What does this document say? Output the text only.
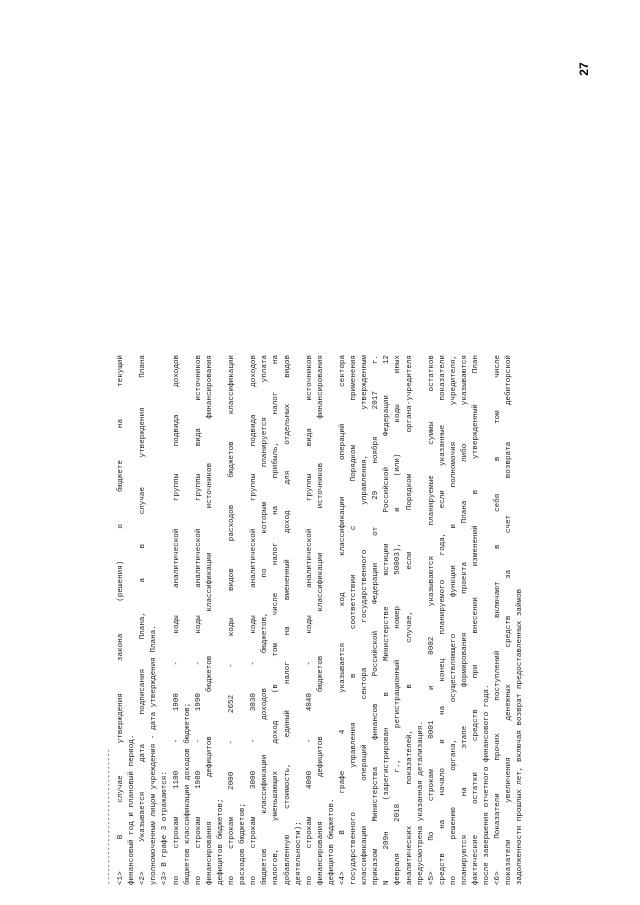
27
-------------------------------- <1> В случае утверждения закона (решения) о бюджете на текущий финансовый год и плановый период. <2> Указывается дата подписания Плана, а в случае утверждения Плана уполномоченным лицом учреждения - дата утверждения Плана. <3> В графе 3 отражаются: по строкам 1100 - 1900 - коды аналитической группы подвида доходов бюджетов классификации доходов бюджетов; по строкам 1980 - 1990 - коды аналитической группы вида источников финансирования дефицитов бюджетов классификации источников финансирования дефицитов бюджетов; по строкам 2000 - 2652 - коды видов расходов бюджетов классификации расходов бюджетов; по строкам 3000 - 3030 - коды аналитической группы подвида доходов бюджетов классификации доходов бюджетов, по которым планируется уплата налогов, уменьшающих доход (в том числе налог на прибыль, налог на добавленную стоимость, единый налог на вмененный доход для отдельных видов деятельности); по строкам 4000 - 4040 - коды аналитической группы вида источников финансирования дефицитов бюджетов классификации источников финансирования дефицитов бюджетов. <4> В графе 4 указывается код классификации операций сектора государственного управления в соответствии с Порядком применения классификации операций сектора государственного управления, утвержденным приказом Министерства финансов Российской Федерации от 29 ноября 2017 г. N 209н (зарегистрирован в Министерстве юстиции Российской Федерации 12 февраля 2018 г., регистрационный номер 50003), и (или) коды иных аналитических показателей, в случае, если Порядком органа-учредителя предусмотрена указанная детализация. <5> По строкам 0001 и 0002 указываются планируемые суммы остатков средств на начало и на конец планируемого года, если указанные показатели по решению органа, осуществляющего функции и полномочия учредителя, планируются на этапе формирования проекта Плана либо указываются фактические остатки средств при внесении изменений в утвержденный План после завершения отчетного финансового года. <6> Показатели прочих поступлений включают в себя в том числе показатели увеличения денежных средств за счет возврата дебиторской задолженности прошлых лет, включая возврат предоставленных займов
